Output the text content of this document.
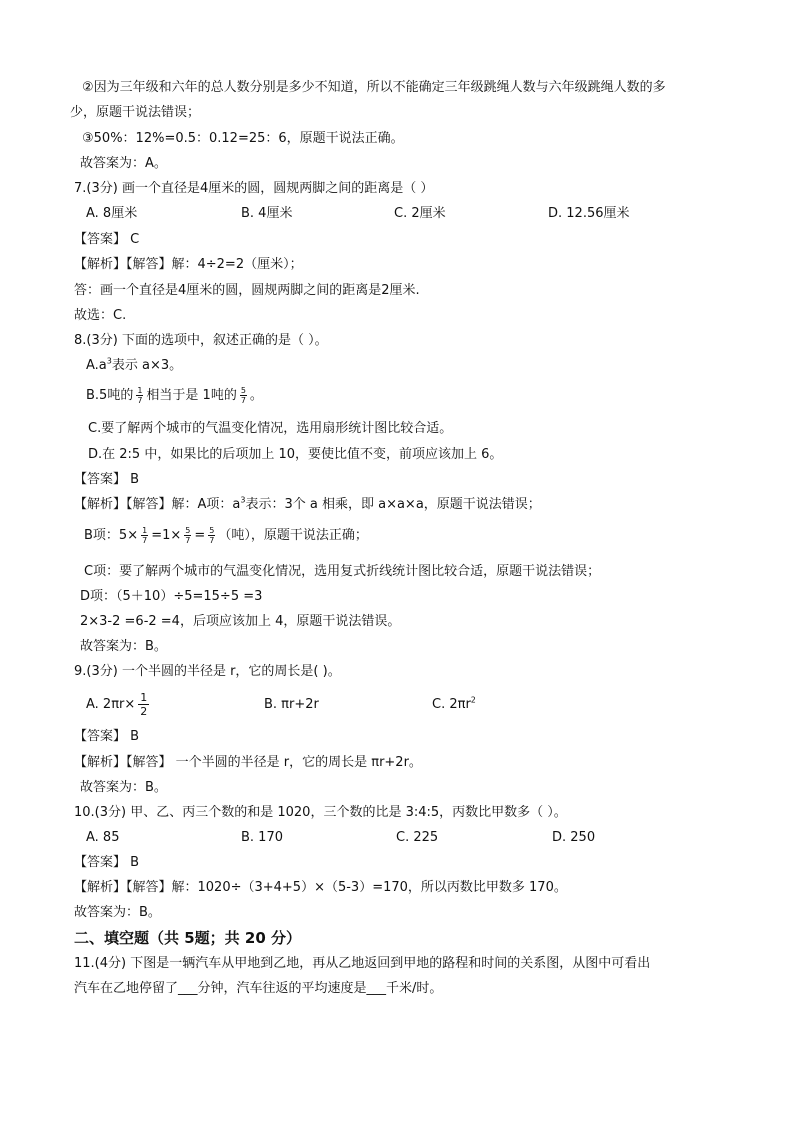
②因为三年级和六年的总人数分别是多少不知道，所以不能确定三年级跳绳人数与六年级跳绳人数的多
少，原题干说法错误；
③50%：12%=0.5：0.12=25：6，原题干说法正确。
故答案为：A。
7.(3分) 画一个直径是4厘米的圆，圆规两脚之间的距离是（ ）
A. 8厘米	B. 4厘米	C. 2厘米	D. 12.56厘米
【答案】 C
【解析】【解答】解：4÷2=2（厘米）；
答：画一个直径是4厘米的圆，圆规两脚之间的距离是2厘米.
故选：C.
8.(3分) 下面的选项中，叙述正确的是（ ）。
$A.a^3$表示 a×3。
B.5吨的 $\frac{1}{7}$ 相当于是 1吨的 $\frac{5}{7}$ 。
C.要了解两个城市的气温变化情况，选用扇形统计图比较合适。
D.在 2:5 中，如果比的后项加上 10，要使比值不变，前项应该加上 6。
【答案】 B
【解析】【解答】解：A项：$a^3$表示：3个 a 相乘，即 a×a×a，原题干说法错误；
B项：$5\times \frac{1}{7} =1\times \frac{5}{7} = \frac{5}{7}$ （吨），原题干说法正确；
C项：要了解两个城市的气温变化情况，选用复式折线统计图比较合适，原题干说法错误；
D项：（5＋10）÷5=15÷5 =3
2×3-2 =6-2 =4，后项应该加上 4，原题干说法错误。
故答案为：B。
9.(3分) 一个半圆的半径是 r，它的周长是( )。
A. $2\pi r\times \frac{1}{2}$	B. πr+2r	C. $2\pi r^2$
【答案】 B
【解析】【解答】 一个半圆的半径是 r，它的周长是 πr+2r。
故答案为：B。
10.(3分) 甲、乙、丙三个数的和是 1020，三个数的比是 3:4:5，丙数比甲数多（ ）。
A. 85	B. 170	C. 225	D. 250
【答案】 B
【解析】【解答】解：1020÷（3+4+5）×（5-3）=170，所以丙数比甲数多 170。
故答案为：B。
二、填空题（共 5题；共 20 分）
11.(4分) 下图是一辆汽车从甲地到乙地，再从乙地返回到甲地的路程和时间的关系图，从图中可看出
汽车在乙地停留了___分钟，汽车往返的平均速度是___千米/时。
